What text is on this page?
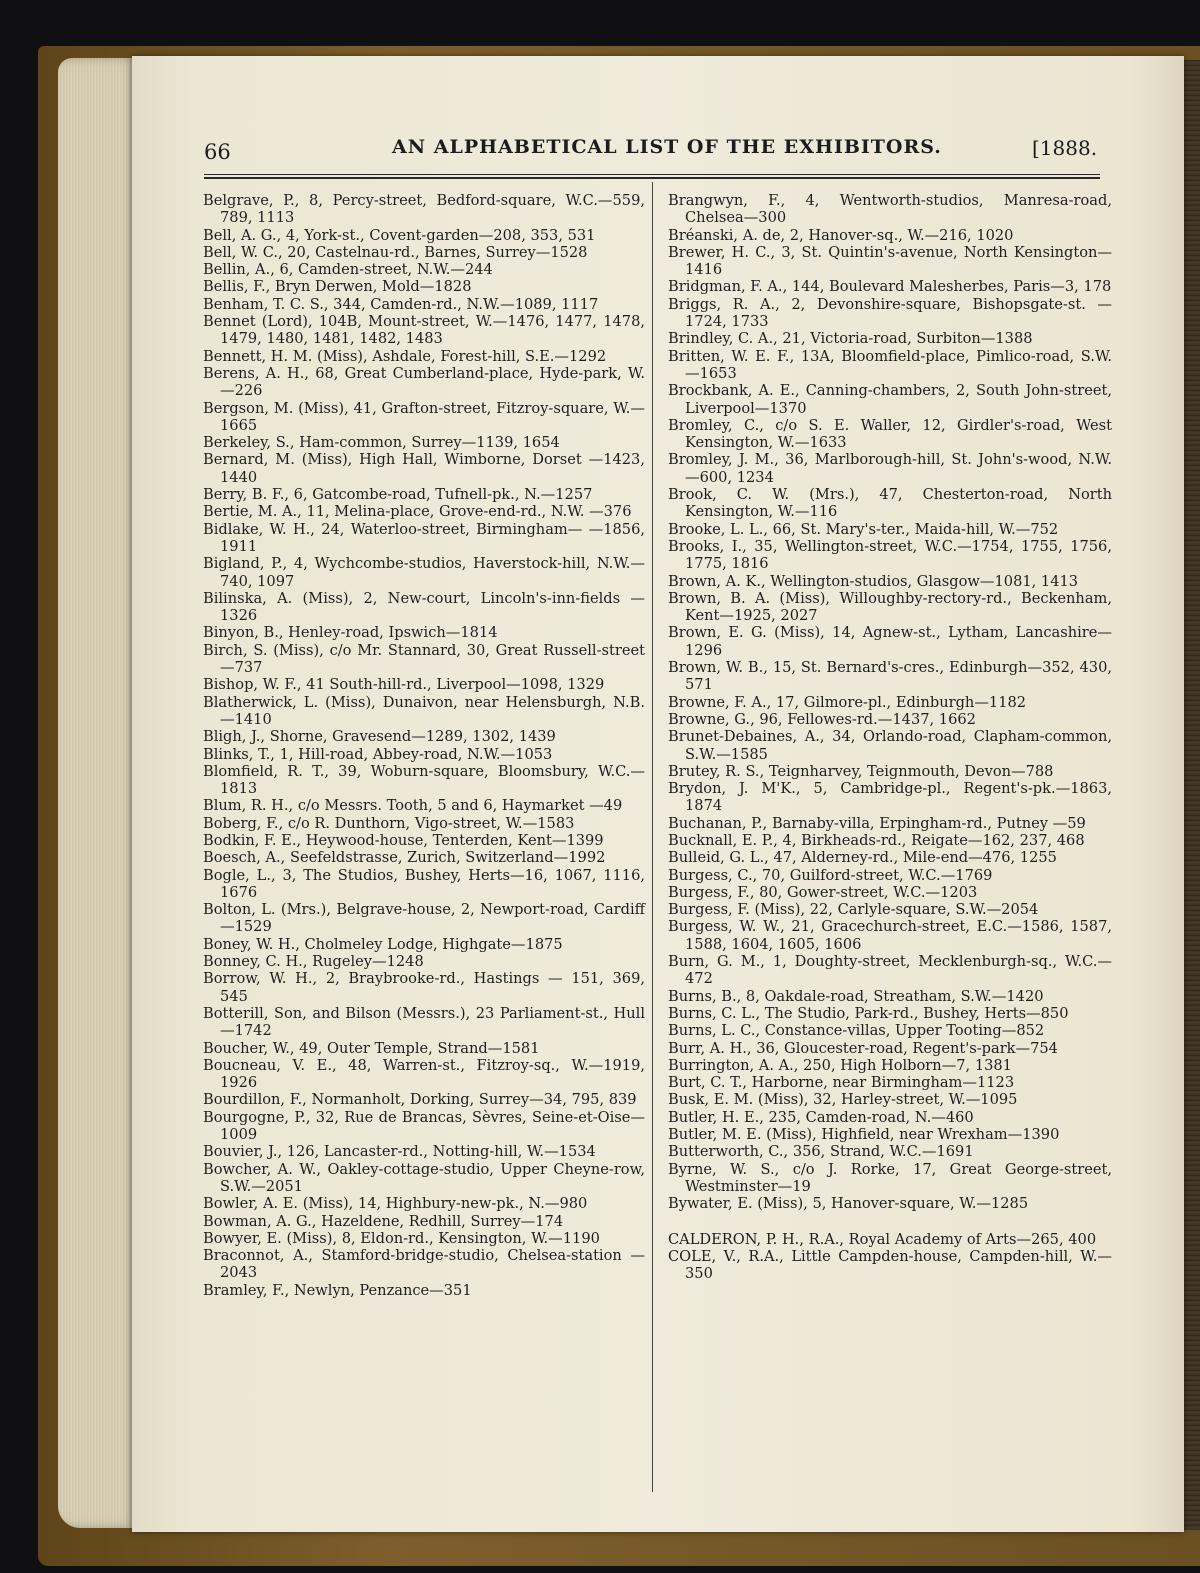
66	AN ALPHABETICAL LIST OF THE EXHIBITORS.	[1888.

Belgrave, P., 8, Percy-street, Bedford-square, W.C.—559, 789, 1113

Bell, A. G., 4, York-st., Covent-garden—208, 353, 531

Bell, W. C., 20, Castelnau-rd., Barnes, Surrey—1528

Bellin, A., 6, Camden-street, N.W.—244

Bellis, F., Bryn Derwen, Mold—1828

Benham, T. C. S., 344, Camden-rd., N.W.—1089, 1117

Bennet (Lord), 104B, Mount-street, W.—1476, 1477, 1478, 1479, 1480, 1481, 1482, 1483

Bennett, H. M. (Miss), Ashdale, Forest-hill, S.E.—1292

Berens, A. H., 68, Great Cumberland-place, Hyde-park, W.—226

Bergson, M. (Miss), 41, Grafton-street, Fitzroy-square, W.—1665

Berkeley, S., Ham-common, Surrey—1139, 1654

Bernard, M. (Miss), High Hall, Wimborne, Dorset —1423, 1440

Berry, B. F., 6, Gatcombe-road, Tufnell-pk., N.—1257

Bertie, M. A., 11, Melina-place, Grove-end-rd., N.W. —376

Bidlake, W. H., 24, Waterloo-street, Birmingham— —1856, 1911

Bigland, P., 4, Wychcombe-studios, Haverstock-hill, N.W.—740, 1097

Bilinska, A. (Miss), 2, New-court, Lincoln's-inn-fields —1326

Binyon, B., Henley-road, Ipswich—1814

Birch, S. (Miss), c/o Mr. Stannard, 30, Great Russell-street—737

Bishop, W. F., 41 South-hill-rd., Liverpool—1098, 1329

Blatherwick, L. (Miss), Dunaivon, near Helensburgh, N.B.—1410

Bligh, J., Shorne, Gravesend—1289, 1302, 1439

Blinks, T., 1, Hill-road, Abbey-road, N.W.—1053

Blomfield, R. T., 39, Woburn-square, Bloomsbury, W.C.—1813

Blum, R. H., c/o Messrs. Tooth, 5 and 6, Haymarket —49

Boberg, F., c/o R. Dunthorn, Vigo-street, W.—1583

Bodkin, F. E., Heywood-house, Tenterden, Kent—1399

Boesch, A., Seefeldstrasse, Zurich, Switzerland—1992

Bogle, L., 3, The Studios, Bushey, Herts—16, 1067, 1116, 1676

Bolton, L. (Mrs.), Belgrave-house, 2, Newport-road, Cardiff—1529

Boney, W. H., Cholmeley Lodge, Highgate—1875

Bonney, C. H., Rugeley—1248

Borrow, W. H., 2, Braybrooke-rd., Hastings — 151, 369, 545

Botterill, Son, and Bilson (Messrs.), 23 Parliament-st., Hull—1742

Boucher, W., 49, Outer Temple, Strand—1581

Boucneau, V. E., 48, Warren-st., Fitzroy-sq., W.—1919, 1926

Bourdillon, F., Normanholt, Dorking, Surrey—34, 795, 839

Bourgogne, P., 32, Rue de Brancas, Sèvres, Seine-et-Oise—1009

Bouvier, J., 126, Lancaster-rd., Notting-hill, W.—1534

Bowcher, A. W., Oakley-cottage-studio, Upper Cheyne-row, S.W.—2051

Bowler, A. E. (Miss), 14, Highbury-new-pk., N.—980

Bowman, A. G., Hazeldene, Redhill, Surrey—174

Bowyer, E. (Miss), 8, Eldon-rd., Kensington, W.—1190

Braconnot, A., Stamford-bridge-studio, Chelsea-station —2043

Bramley, F., Newlyn, Penzance—351

Brangwyn, F., 4, Wentworth-studios, Manresa-road, Chelsea—300

Bréanski, A. de, 2, Hanover-sq., W.—216, 1020

Brewer, H. C., 3, St. Quintin's-avenue, North Kensington—1416

Bridgman, F. A., 144, Boulevard Malesherbes, Paris—3, 178

Briggs, R. A., 2, Devonshire-square, Bishopsgate-st. —1724, 1733

Brindley, C. A., 21, Victoria-road, Surbiton—1388

Britten, W. E. F., 13A, Bloomfield-place, Pimlico-road, S.W.—1653

Brockbank, A. E., Canning-chambers, 2, South John-street, Liverpool—1370

Bromley, C., c/o S. E. Waller, 12, Girdler's-road, West Kensington, W.—1633

Bromley, J. M., 36, Marlborough-hill, St. John's-wood, N.W.—600, 1234

Brook, C. W. (Mrs.), 47, Chesterton-road, North Kensington, W.—116

Brooke, L. L., 66, St. Mary's-ter., Maida-hill, W.—752

Brooks, I., 35, Wellington-street, W.C.—1754, 1755, 1756, 1775, 1816

Brown, A. K., Wellington-studios, Glasgow—1081, 1413

Brown, B. A. (Miss), Willoughby-rectory-rd., Beckenham, Kent—1925, 2027

Brown, E. G. (Miss), 14, Agnew-st., Lytham, Lancashire—1296

Brown, W. B., 15, St. Bernard's-cres., Edinburgh—352, 430, 571

Browne, F. A., 17, Gilmore-pl., Edinburgh—1182

Browne, G., 96, Fellowes-rd.—1437, 1662

Brunet-Debaines, A., 34, Orlando-road, Clapham-common, S.W.—1585

Brutey, R. S., Teignharvey, Teignmouth, Devon—788

Brydon, J. M'K., 5, Cambridge-pl., Regent's-pk.—1863, 1874

Buchanan, P., Barnaby-villa, Erpingham-rd., Putney —59

Bucknall, E. P., 4, Birkheads-rd., Reigate—162, 237, 468

Bulleid, G. L., 47, Alderney-rd., Mile-end—476, 1255

Burgess, C., 70, Guilford-street, W.C.—1769

Burgess, F., 80, Gower-street, W.C.—1203

Burgess, F. (Miss), 22, Carlyle-square, S.W.—2054

Burgess, W. W., 21, Gracechurch-street, E.C.—1586, 1587, 1588, 1604, 1605, 1606

Burn, G. M., 1, Doughty-street, Mecklenburgh-sq., W.C.—472

Burns, B., 8, Oakdale-road, Streatham, S.W.—1420

Burns, C. L., The Studio, Park-rd., Bushey, Herts—850

Burns, L. C., Constance-villas, Upper Tooting—852

Burr, A. H., 36, Gloucester-road, Regent's-park—754

Burrington, A. A., 250, High Holborn—7, 1381

Burt, C. T., Harborne, near Birmingham—1123

Busk, E. M. (Miss), 32, Harley-street, W.—1095

Butler, H. E., 235, Camden-road, N.—460

Butler, M. E. (Miss), Highfield, near Wrexham—1390

Butterworth, C., 356, Strand, W.C.—1691

Byrne, W. S., c/o J. Rorke, 17, Great George-street, Westminster—19

Bywater, E. (Miss), 5, Hanover-square, W.—1285

CALDERON, P. H., R.A., Royal Academy of Arts—265, 400

COLE, V., R.A., Little Campden-house, Campden-hill, W.—350
